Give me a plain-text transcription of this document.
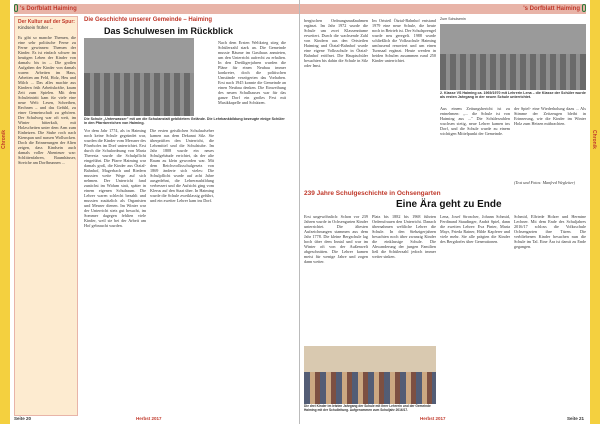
Chronik
's Dorfblatt Haiming
Der Kultur auf der Spur:
Kindsein früher ...
Es gibt so manche Themen, die eine sehr politische Ferne zu Ferne gewinnen: Themen der Kinder. Es ist einfach schwer im heutigen Leben der Kinder von damals: bis in ... Die großen Aufgaben der Kinder von damals waren: Arbeiten im Haus, Arbeiten am Feld, Holz, Heu und Milch ... Das alles machte aus Kindern früh Arbeitskräfte, kaum Zeit zum Spielen. Mit dem Schuleintritt kam für viele eine neue Welt: Lesen, Schreiben, Rechnen – und das Gefühl, zu einer Gemeinschaft zu gehören. Der Schulweg war oft weit, im Winter bitterkalt, mit Holzscheiten unter dem Arm zum Einheizen. Die Stube roch nach Kienspan und nassen Wollsocken. Doch die Erinnerungen der Alten zeigen, dass Kindsein auch damals voller Abenteuer war: Schlittenfahren, Baumhäuser, Streiche am Dorfbrunnen ...
Die Geschichte unserer Gemeinde – Haiming
Das Schulwesen im Rückblick
Die Schule „Unterwasser" mit um die Schulanstalt gebildetem Gelände. Die Lehrbankbildung bezeugte einige Schüler in den Pfarrbereichen von Haiming.
Vor dem Jahr 1774, als in Haiming noch keine Schule gegründet war, wurden die Kinder vom Messner des Pfarrhofes im Dorf unterrichtet. Erst durch die Schulordnung von Maria Theresia wurde die Schulpflicht eingeführt. Die Pfarre Haiming war damals groß, die Kinder aus Ötztal-Bahnhof, Magerbach und Riedern mussten weite Wege auf sich nehmen. Der Unterricht fand zunächst im Widum statt, später in einem eigenen Schulraum. Die Lehrer waren schlecht bezahlt und mussten zusätzlich als Organisten und Mesner dienen. Im Winter war der Unterricht stets gut besucht, im Sommer dagegen fehlten viele Kinder, weil sie bei der Arbeit am Hof gebraucht wurden.
Die ersten geistlichen Schulaufseher kamen aus dem Dekanat Silz. Sie überprüften den Unterricht, die Lehrmittel und die Schulstube. Im Jahr 1808 wurde ein neues Schulgebäude errichtet, da der alte Raum zu klein geworden war. Mit dem Reichsvolksschulgesetz von 1869 änderte sich vieles: Die Schulpflicht wurde auf acht Jahre ausgedehnt, die Lehrerausbildung verbessert und die Aufsicht ging vom Klerus auf den Staat über. In Haiming wurde die Schule zweiklassig geführt, und ein zweiter Lehrer kam ins Dorf.
Nach dem Ersten Weltkrieg stieg die Schülerzahl stark an. Die Gemeinde musste Räume im Gasthaus anmieten, um den Unterricht aufrecht zu erhalten. In den Dreißigerjahren wurden die Pläne für einen Neubau immer konkreter, doch die politischen Umstände verzögerten das Vorhaben. Erst nach 1945 konnte die Gemeinde an einen Neubau denken. Die Einweihung des neuen Schulhauses war für das ganze Dorf ein großes Fest mit Musikkapelle und Schützen.
Seite 20	Herbst 2017
Chronik
's Dorfblatt Haiming
bergischen Ordnungsmaßnahmen ergänzt. Im Jahr 1972 wurde die Schule um zwei Klassenräume erweitert. Durch die wachsende Zahl von Kindern aus den Ortsteilen Haiming und Ötztal-Bahnhof wurde eine eigene Volksschule in Ötztal-Bahnhof eröffnet. Die Hauptschüler besuchten bis dahin die Schule in Silz oder Imst.
Im Ortsteil Ötztal-Bahnhof entstand 1979 eine neue Schule, die heute noch in Betrieb ist. Der Schulsprengel wurde neu geregelt. 1988 wurde schließlich die Volksschule Haiming umfassend renoviert und um einen Turnsaal ergänzt. Heute werden in beiden Schulen zusammen rund 250 Kinder unterrichtet.
Zum Schulsenin
2. Klasse VS Haiming ca. 1969/1970 mit Lehrerin Lena – die Klasse der Schüler wurde als ersten Jahrgang in der neuen Schule unterrichtet.
Aus einem Zeitungsbericht ist zu entnehmen: „... die Schule ist von Haiming aus ..." Die Schülerzahlen wuchsen stetig, neue Lehrer kamen ins Dorf, und die Schule wurde zu einem wichtigen Mittelpunkt der Gemeinde.
der Spiel- eine Wiederholung dazu ... Als Stimme der Zeitzeugen bleibt in Erinnerung, wie die Kinder im Winter Holz zum Heizen mitbrachten.
(Text und Fotos: Manfred Wegleiter)
239 Jahre Schulgeschichte in Ochsengarten
Eine Ära geht zu Ende
Erst ungewöhnlich: Schon vor 239 Jahren wurde in Ochsengarten Kinder unterrichtet. Die ältesten Aufzeichnungen stammen aus dem Jahr 1778. Die kleine Bergschule lag hoch über dem Inntal und war im Winter oft von der Außenwelt abgeschnitten. Die Lehrer kamen meist für wenige Jahre und zogen dann weiter.
Platz bis 1882 bis 1968 führten Ordensfrauen den Unterricht. Danach übernahmen weltliche Lehrer die Schule. In den Siebzigerjahren besuchten noch über zwanzig Kinder die einklassige Schule. Die Abwanderung der jungen Familien ließ die Schülerzahl jedoch immer weiter sinken.
Die drei Kinder im letzten Jahrgang der Schule mit ihrer Lehrerin und der Gemeinde Haiming mit der Schulleitung. Aufgenommen zum Schuljahr 2016/17.
Lena, Josef Stroscher, Johann Schmid, Ferdinand Staudinger, Andrä Spiel, dann die zweiten Lehrer: Eva Pinter, Maria Mayr, Frieda Rainer, Hilde Kapferer und viele mehr. Sie alle prägten die Kinder des Bergdorfes über Generationen.
Schmid, Elfriede Holzer und Hermine Lechner. Mit dem Ende des Schuljahres 2016/17 schloss die Volksschule Ochsengarten ihre Türen. Die verbliebenen Kinder besuchen nun die Schule im Tal. Eine Ära ist damit zu Ende gegangen.
Herbst 2017	Seite 21
